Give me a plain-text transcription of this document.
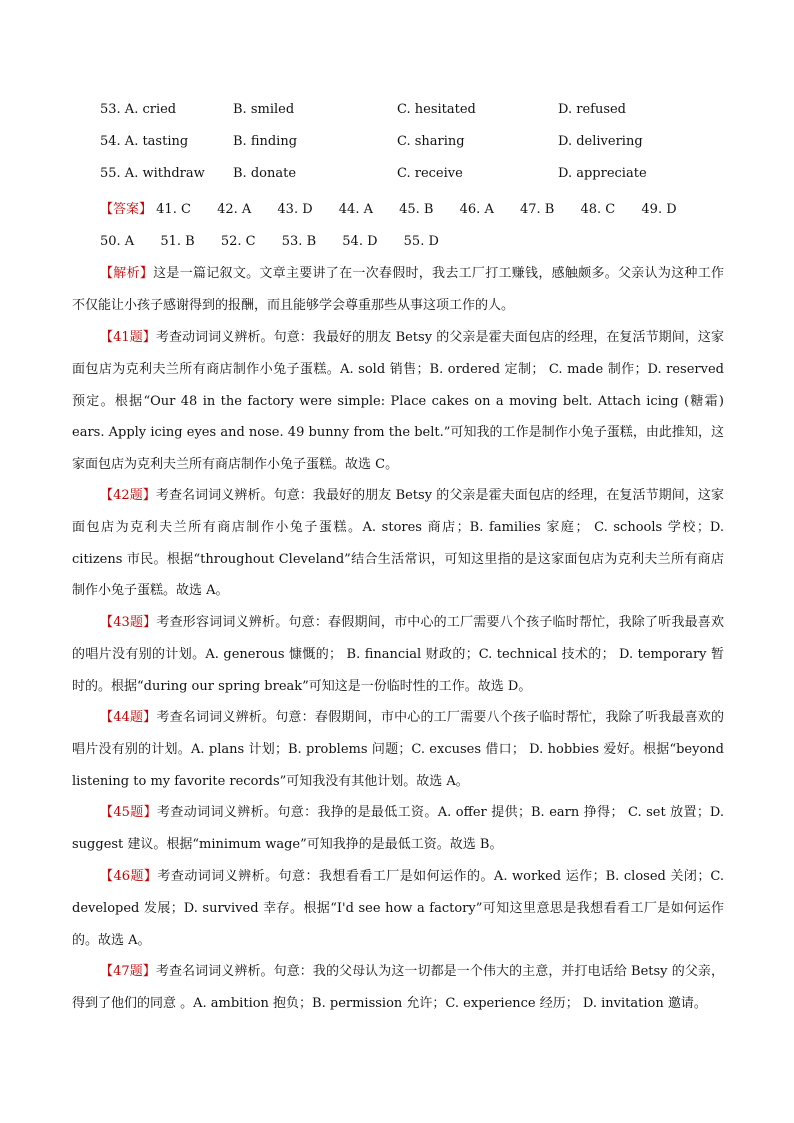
53. A. cried	B. smiled	C. hesitated	D. refused
54. A. tasting	B. finding	C. sharing	D. delivering
55. A. withdraw B. donate	C. receive	D. appreciate
【答案】 41. C 42. A 43. D 44. A 45. B 46. A 47. B 48. C 49. D 50. A 51. B 52. C 53. B 54. D 55. D

【解析】这是一篇记叙文。文章主要讲了在一次春假时，我去工厂打工赚钱，感触颇多。父亲认为这种工作不仅能让小孩子感谢得到的报酬，而且能够学会尊重那些从事这项工作的人。

【41题】考查动词词义辨析。句意：我最好的朋友 Betsy 的父亲是霍夫面包店的经理，在复活节期间，这家面包店为克利夫兰所有商店制作小兔子蛋糕。A. sold 销售；B. ordered 定制； C. made 制作；D. reserved 预定。根据“Our 48 in the factory were simple: Place cakes on a moving belt. Attach icing (糖霜) ears. Apply icing eyes and nose. 49 bunny from the belt.”可知我的工作是制作小兔子蛋糕，由此推知，这家面包店为克利夫兰所有商店制作小兔子蛋糕。故选 C。

【42题】考查名词词义辨析。句意：我最好的朋友 Betsy 的父亲是霍夫面包店的经理，在复活节期间，这家面包店为克利夫兰所有商店制作小兔子蛋糕。A. stores 商店；B. families 家庭； C. schools 学校；D. citizens 市民。根据“throughout Cleveland”结合生活常识，可知这里指的是这家面包店为克利夫兰所有商店制作小兔子蛋糕。故选 A。

【43题】考查形容词词义辨析。句意：春假期间，市中心的工厂需要八个孩子临时帮忙，我除了听我最喜欢的唱片没有别的计划。A. generous 慷慨的； B. financial 财政的；C. technical 技术的； D. temporary 暂时的。根据“during our spring break”可知这是一份临时性的工作。故选 D。

【44题】考查名词词义辨析。句意：春假期间，市中心的工厂需要八个孩子临时帮忙，我除了听我最喜欢的唱片没有别的计划。A. plans 计划；B. problems 问题；C. excuses 借口； D. hobbies 爱好。根据“beyond listening to my favorite records”可知我没有其他计划。故选 A。

【45题】考查动词词义辨析。句意：我挣的是最低工资。A. offer 提供；B. earn 挣得； C. set 放置；D. suggest 建议。根据“minimum wage”可知我挣的是最低工资。故选 B。

【46题】考查动词词义辨析。句意：我想看看工厂是如何运作的。A. worked 运作；B. closed 关闭；C. developed 发展；D. survived 幸存。根据“I'd see how a factory”可知这里意思是我想看看工厂是如何运作的。故选 A。

【47题】考查名词词义辨析。句意：我的父母认为这一切都是一个伟大的主意，并打电话给 Betsy 的父亲，得到了他们的同意 。A. ambition 抱负；B. permission 允许；C. experience 经历； D. invitation 邀请。
